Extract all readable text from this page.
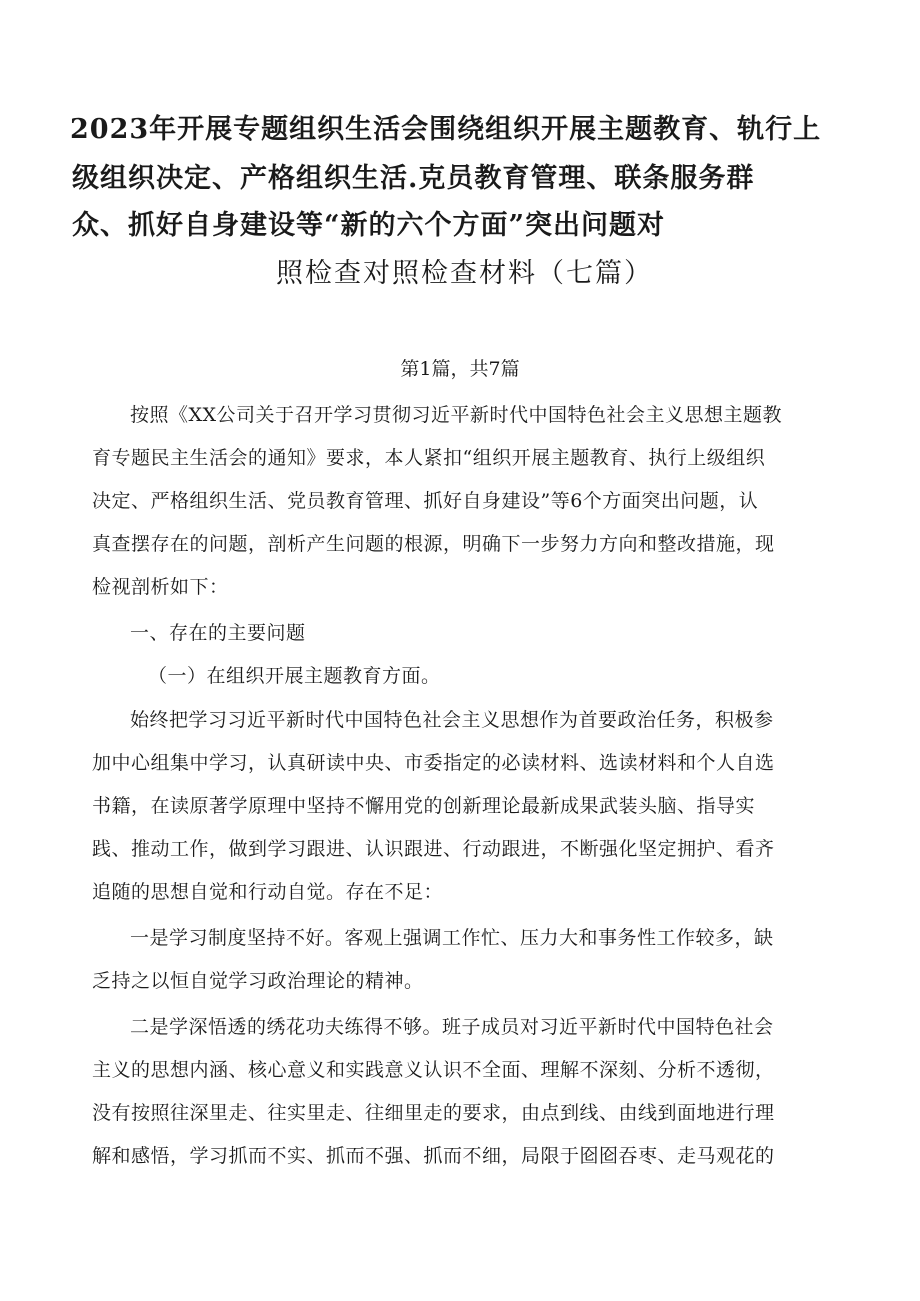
2023年开展专题组织生活会围绕组织开展主题教育、轨行上
级组织决定、产格组织生活.克员教育管理、联条服务群
众、抓好自身建设等“新的六个方面”突出问题对
照检查对照检查材料（七篇）
第1篇，共7篇
按照《XX公司关于召开学习贯彻习近平新时代中国特色社会主义思想主题教
育专题民主生活会的通知》要求，本人紧扣“组织开展主题教育、执行上级组织
决定、严格组织生活、党员教育管理、抓好自身建设”等6个方面突出问题，认
真查摆存在的问题，剖析产生问题的根源，明确下一步努力方向和整改措施，现
检视剖析如下：
一、存在的主要问题
（一）在组织开展主题教育方面。
始终把学习习近平新时代中国特色社会主义思想作为首要政治任务，积极参
加中心组集中学习，认真研读中央、市委指定的必读材料、选读材料和个人自选
书籍，在读原著学原理中坚持不懈用党的创新理论最新成果武装头脑、指导实
践、推动工作，做到学习跟进、认识跟进、行动跟进，不断强化坚定拥护、看齐
追随的思想自觉和行动自觉。存在不足：
一是学习制度坚持不好。客观上强调工作忙、压力大和事务性工作较多，缺
乏持之以恒自觉学习政治理论的精神。
二是学深悟透的绣花功夫练得不够。班子成员对习近平新时代中国特色社会
主义的思想内涵、核心意义和实践意义认识不全面、理解不深刻、分析不透彻，
没有按照往深里走、往实里走、往细里走的要求，由点到线、由线到面地进行理
解和感悟，学习抓而不实、抓而不强、抓而不细，局限于囵囵吞枣、走马观花的
